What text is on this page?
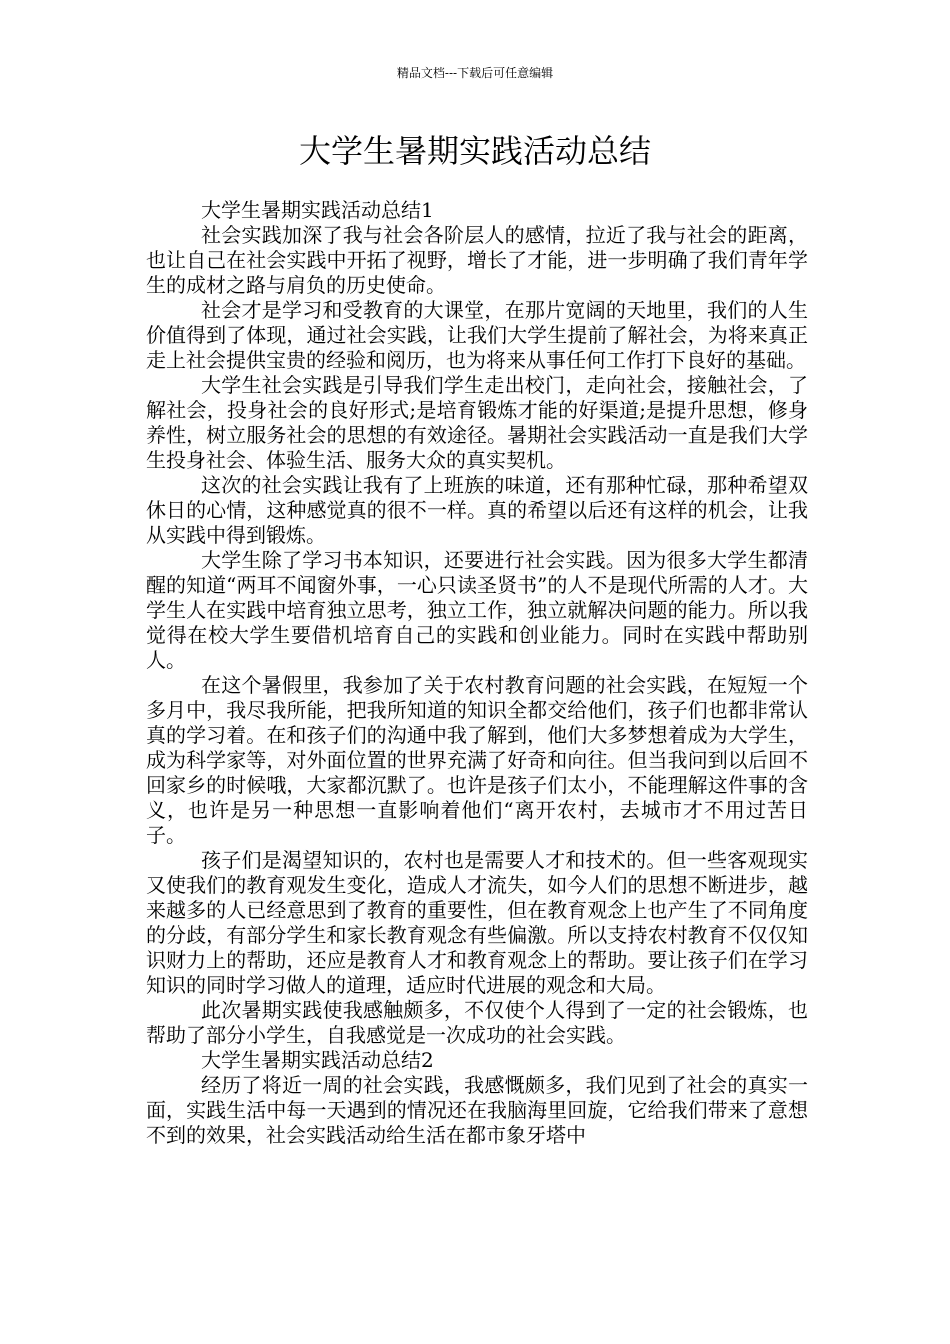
精品文档---下载后可任意编辑
大学生暑期实践活动总结

大学生暑期实践活动总结1

社会实践加深了我与社会各阶层人的感情，拉近了我与社会的距离，也让自己在社会实践中开拓了视野，增长了才能，进一步明确了我们青年学生的成材之路与肩负的历史使命。

社会才是学习和受教育的大课堂，在那片宽阔的天地里，我们的人生价值得到了体现，通过社会实践，让我们大学生提前了解社会，为将来真正走上社会提供宝贵的经验和阅历，也为将来从事任何工作打下良好的基础。

大学生社会实践是引导我们学生走出校门，走向社会，接触社会，了解社会，投身社会的良好形式;是培育锻炼才能的好渠道;是提升思想，修身养性，树立服务社会的思想的有效途径。暑期社会实践活动一直是我们大学生投身社会、体验生活、服务大众的真实契机。

这次的社会实践让我有了上班族的味道，还有那种忙碌，那种希望双休日的心情，这种感觉真的很不一样。真的希望以后还有这样的机会，让我从实践中得到锻炼。

大学生除了学习书本知识，还要进行社会实践。因为很多大学生都清醒的知道“两耳不闻窗外事，一心只读圣贤书”的人不是现代所需的人才。大学生人在实践中培育独立思考，独立工作，独立就解决问题的能力。所以我觉得在校大学生要借机培育自己的实践和创业能力。同时在实践中帮助别人。

在这个暑假里，我参加了关于农村教育问题的社会实践，在短短一个多月中，我尽我所能，把我所知道的知识全都交给他们，孩子们也都非常认真的学习着。在和孩子们的沟通中我了解到，他们大多梦想着成为大学生，成为科学家等，对外面位置的世界充满了好奇和向往。但当我问到以后回不回家乡的时候哦，大家都沉默了。也许是孩子们太小，不能理解这件事的含义，也许是另一种思想一直影响着他们“离开农村，去城市才不用过苦日子。

孩子们是渴望知识的，农村也是需要人才和技术的。但一些客观现实又使我们的教育观发生变化，造成人才流失，如今人们的思想不断进步，越来越多的人已经意思到了教育的重要性，但在教育观念上也产生了不同角度的分歧，有部分学生和家长教育观念有些偏激。所以支持农村教育不仅仅知识财力上的帮助，还应是教育人才和教育观念上的帮助。要让孩子们在学习知识的同时学习做人的道理，适应时代进展的观念和大局。

此次暑期实践使我感触颇多，不仅使个人得到了一定的社会锻炼，也帮助了部分小学生，自我感觉是一次成功的社会实践。

大学生暑期实践活动总结2

经历了将近一周的社会实践，我感慨颇多，我们见到了社会的真实一面，实践生活中每一天遇到的情况还在我脑海里回旋，它给我们带来了意想不到的效果，社会实践活动给生活在都市象牙塔中
